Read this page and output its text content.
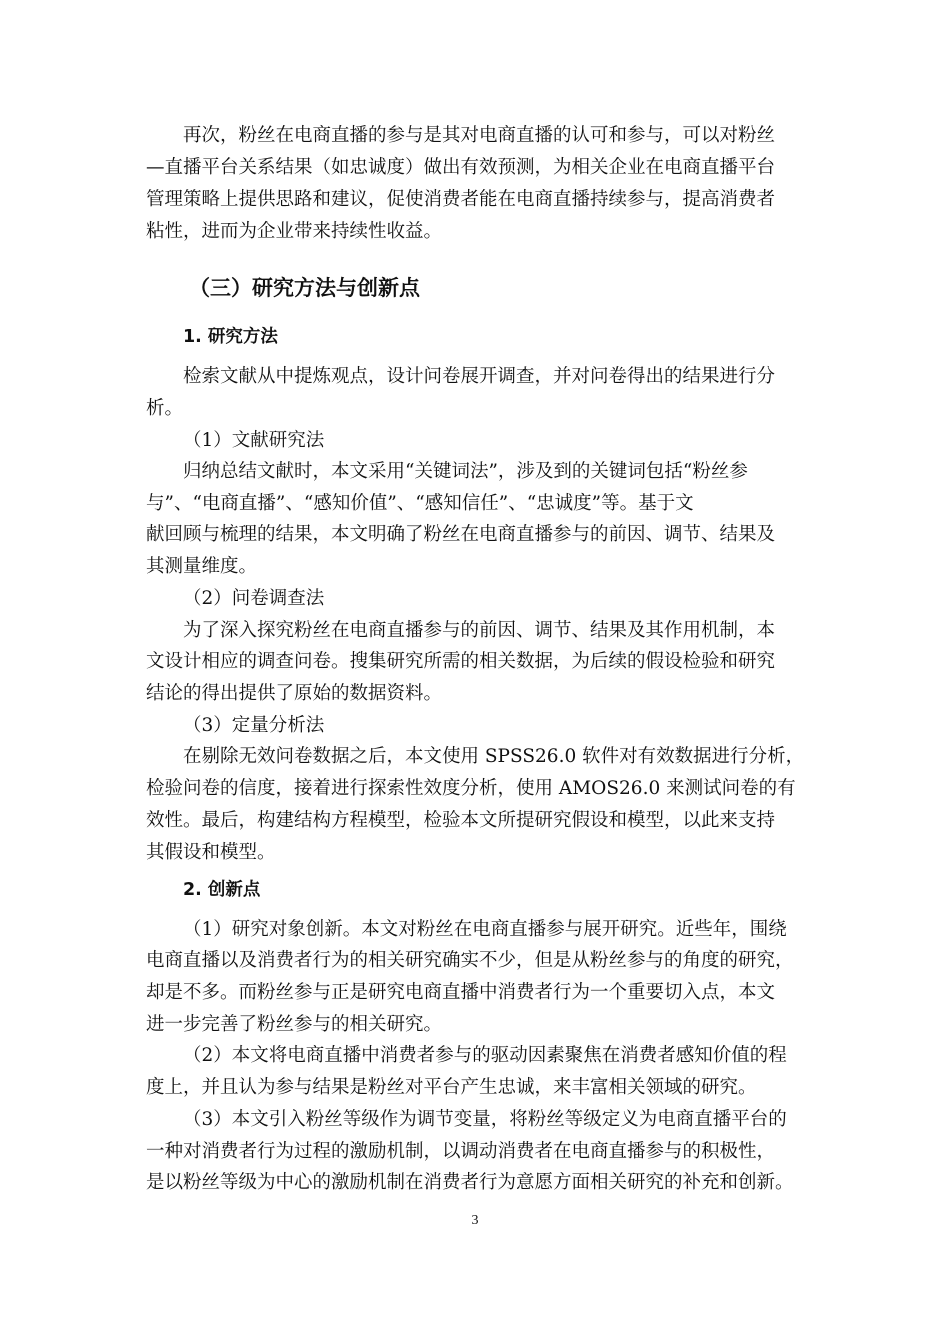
再次，粉丝在电商直播的参与是其对电商直播的认可和参与，可以对粉丝
—直播平台关系结果（如忠诚度）做出有效预测，为相关企业在电商直播平台
管理策略上提供思路和建议，促使消费者能在电商直播持续参与，提高消费者
粘性，进而为企业带来持续性收益。
（三）研究方法与创新点
1. 研究方法
检索文献从中提炼观点，设计问卷展开调查，并对问卷得出的结果进行分
析。
（1）文献研究法
归纳总结文献时，本文采用“关键词法”，涉及到的关键词包括“粉丝参
与”、“电商直播”、“感知价值”、“感知信任”、“忠诚度”等。基于文
献回顾与梳理的结果，本文明确了粉丝在电商直播参与的前因、调节、结果及
其测量维度。
（2）问卷调查法
为了深入探究粉丝在电商直播参与的前因、调节、结果及其作用机制，本
文设计相应的调查问卷。搜集研究所需的相关数据，为后续的假设检验和研究
结论的得出提供了原始的数据资料。
（3）定量分析法
在剔除无效问卷数据之后，本文使用 SPSS26.0 软件对有效数据进行分析，
检验问卷的信度，接着进行探索性效度分析，使用 AMOS26.0 来测试问卷的有
效性。最后，构建结构方程模型，检验本文所提研究假设和模型，以此来支持
其假设和模型。
2. 创新点
（1）研究对象创新。本文对粉丝在电商直播参与展开研究。近些年，围绕
电商直播以及消费者行为的相关研究确实不少，但是从粉丝参与的角度的研究，
却是不多。而粉丝参与正是研究电商直播中消费者行为一个重要切入点，本文
进一步完善了粉丝参与的相关研究。
（2）本文将电商直播中消费者参与的驱动因素聚焦在消费者感知价值的程
度上，并且认为参与结果是粉丝对平台产生忠诚，来丰富相关领域的研究。
（3）本文引入粉丝等级作为调节变量，将粉丝等级定义为电商直播平台的
一种对消费者行为过程的激励机制，以调动消费者在电商直播参与的积极性，
是以粉丝等级为中心的激励机制在消费者行为意愿方面相关研究的补充和创新。
3
